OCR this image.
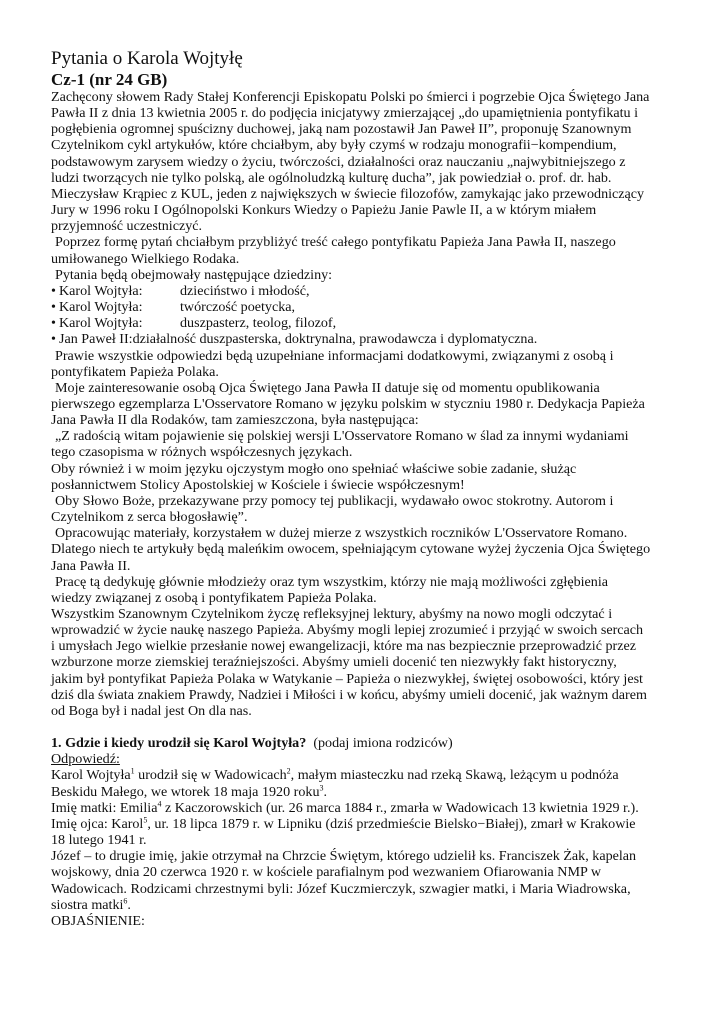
Pytania o Karola Wojtyłę
Cz-1 (nr 24 GB)

Zachęcony słowem Rady Stałej Konferencji Episkopatu Polski po śmierci i pogrzebie Ojca Świętego Jana
Pawła II z dnia 13 kwietnia 2005 r. do podjęcia inicjatywy zmierzającej „do upamiętnienia pontyfikatu i
pogłębienia ogromnej spuścizny duchowej, jaką nam pozostawił Jan Paweł II”, proponuję Szanownym
Czytelnikom cykl artykułów, które chciałbym, aby były czymś w rodzaju monografii−kompendium,
podstawowym zarysem wiedzy o życiu, twórczości, działalności oraz nauczaniu „najwybitniejszego z
ludzi tworzących nie tylko polską, ale ogólnoludzką kulturę ducha”, jak powiedział o. prof. dr. hab.
Mieczysław Krąpiec z KUL, jeden z największych w świecie filozofów, zamykając jako przewodniczący
Jury w 1996 roku I Ogólnopolski Konkurs Wiedzy o Papieżu Janie Pawle II, a w którym miałem
przyjemność uczestniczyć.

Poprzez formę pytań chciałbym przybliżyć treść całego pontyfikatu Papieża Jana Pawła II, naszego
umiłowanego Wielkiego Rodaka.

Pytania będą obejmowały następujące dziedziny:

• Karol Wojtyła:	dzieciństwo i młodość,
• Karol Wojtyła:	twórczość poetycka,
• Karol Wojtyła:	duszpasterz, teolog, filozof,
• Jan Paweł II: działalność duszpasterska, doktrynalna, prawodawcza i dyplomatyczna.

Prawie wszystkie odpowiedzi będą uzupełniane informacjami dodatkowymi, związanymi z osobą i
pontyfikatem Papieża Polaka.

Moje zainteresowanie osobą Ojca Świętego Jana Pawła II datuje się od momentu opublikowania
pierwszego egzemplarza L'Osservatore Romano w języku polskim w styczniu 1980 r. Dedykacja Papieża
Jana Pawła II dla Rodaków, tam zamieszczona, była następująca:

„Z radością witam pojawienie się polskiej wersji L'Osservatore Romano w ślad za innymi wydaniami
tego czasopisma w różnych współczesnych językach.

Oby również i w moim języku ojczystym mogło ono spełniać właściwe sobie zadanie, służąc
posłannictwem Stolicy Apostolskiej w Kościele i świecie współczesnym!

Oby Słowo Boże, przekazywane przy pomocy tej publikacji, wydawało owoc stokrotny. Autorom i
Czytelnikom z serca błogosławię”.

Opracowując materiały, korzystałem w dużej mierze z wszystkich roczników L'Osservatore Romano.
Dlatego niech te artykuły będą maleńkim owocem, spełniającym cytowane wyżej życzenia Ojca Świętego
Jana Pawła II.

Pracę tą dedykuję głównie młodzieży oraz tym wszystkim, którzy nie mają możliwości zgłębienia
wiedzy związanej z osobą i pontyfikatem Papieża Polaka.

Wszystkim Szanownym Czytelnikom życzę refleksyjnej lektury, abyśmy na nowo mogli odczytać i
wprowadzić w życie naukę naszego Papieża. Abyśmy mogli lepiej zrozumieć i przyjąć w swoich sercach
i umysłach Jego wielkie przesłanie nowej ewangelizacji, które ma nas bezpiecznie przeprowadzić przez
wzburzone morze ziemskiej teraźniejszości. Abyśmy umieli docenić ten niezwykły fakt historyczny,
jakim był pontyfikat Papieża Polaka w Watykanie – Papieża o niezwykłej, świętej osobowości, który jest
dziś dla świata znakiem Prawdy, Nadziei i Miłości i w końcu, abyśmy umieli docenić, jak ważnym darem
od Boga był i nadal jest On dla nas.

1. Gdzie i kiedy urodził się Karol Wojtyła? (podaj imiona rodziców)

Odpowiedź:

Karol Wojtyła$^1$ urodził się w Wadowicach$^2$, małym miasteczku nad rzeką Skawą, leżącym u podnóża
Beskidu Małego, we wtorek 18 maja 1920 roku$^3$.

Imię matki: Emilia$^4$ z Kaczorowskich (ur. 26 marca 1884 r., zmarła w Wadowicach 13 kwietnia 1929 r.).

Imię ojca: Karol$^5$, ur. 18 lipca 1879 r. w Lipniku (dziś przedmieście Bielsko−Białej), zmarł w Krakowie
18 lutego 1941 r.

Józef – to drugie imię, jakie otrzymał na Chrzcie Świętym, którego udzielił ks. Franciszek Żak, kapelan
wojskowy, dnia 20 czerwca 1920 r. w kościele parafialnym pod wezwaniem Ofiarowania NMP w
Wadowicach. Rodzicami chrzestnymi byli: Józef Kuczmierczyk, szwagier matki, i Maria Wiadrowska,
siostra matki$^6$.

OBJAŚNIENIE:
